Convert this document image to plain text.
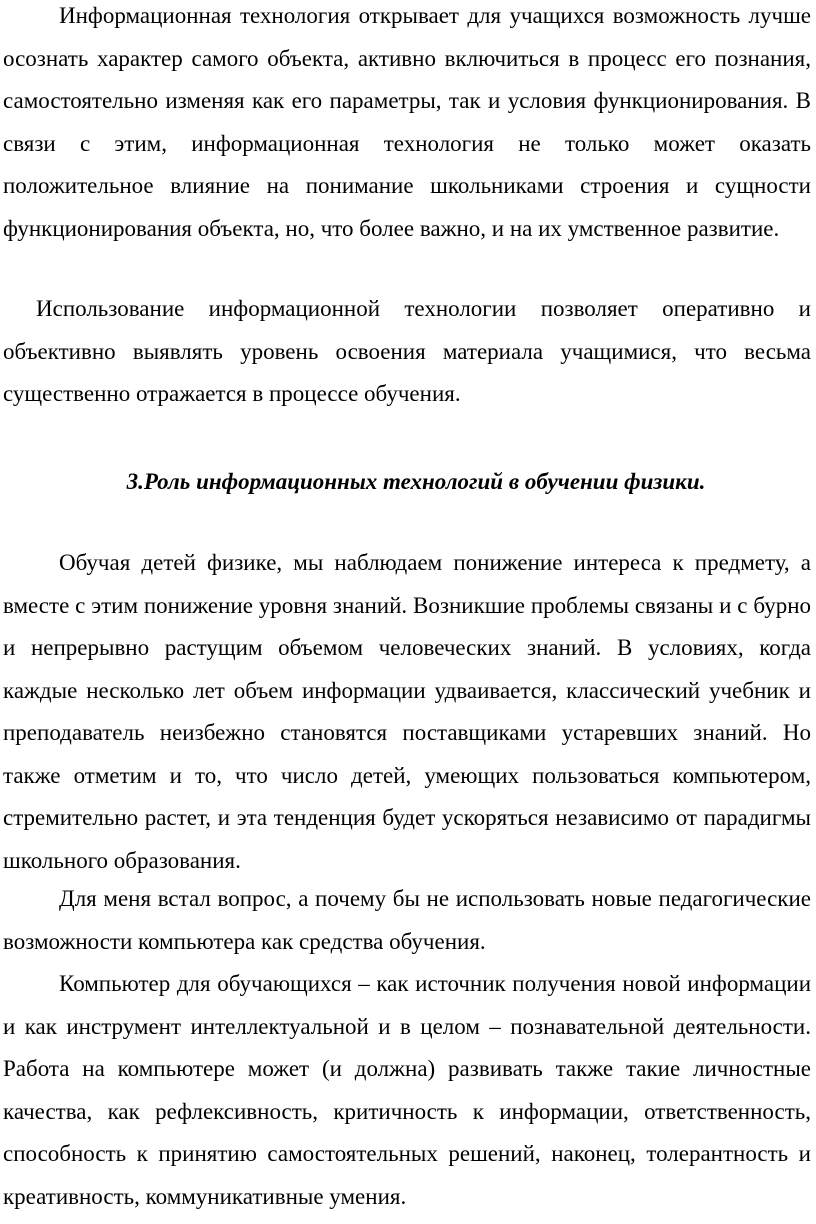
Информационная технология открывает для учащихся возможность лучше осознать характер самого объекта, активно включиться в процесс его познания, самостоятельно изменяя как его параметры, так и условия функционирования. В связи с этим, информационная технология не только может оказать положительное влияние на понимание школьниками строения и сущности функционирования объекта, но, что более важно, и на их умственное развитие.

Использование информационной технологии позволяет оперативно и объективно выявлять уровень освоения материала учащимися, что весьма существенно отражается в процессе обучения.

3.Роль информационных технологий в обучении физики.

Обучая детей физике, мы наблюдаем понижение интереса к предмету, а вместе с этим понижение уровня знаний. Возникшие проблемы связаны и с бурно и непрерывно растущим объемом человеческих знаний. В условиях, когда каждые несколько лет объем информации удваивается, классический учебник и преподаватель неизбежно становятся поставщиками устаревших знаний. Но также отметим и то, что число детей, умеющих пользоваться компьютером, стремительно растет, и эта тенденция будет ускоряться независимо от парадигмы школьного образования.

Для меня встал вопрос, а почему бы не использовать новые педагогические возможности компьютера как средства обучения.

Компьютер для обучающихся – как источник получения новой информации и как инструмент интеллектуальной и в целом – познавательной деятельности. Работа на компьютере может (и должна) развивать также такие личностные качества, как рефлексивность, критичность к информации, ответственность, способность к принятию самостоятельных решений, наконец, толерантность и креативность, коммуникативные умения.
